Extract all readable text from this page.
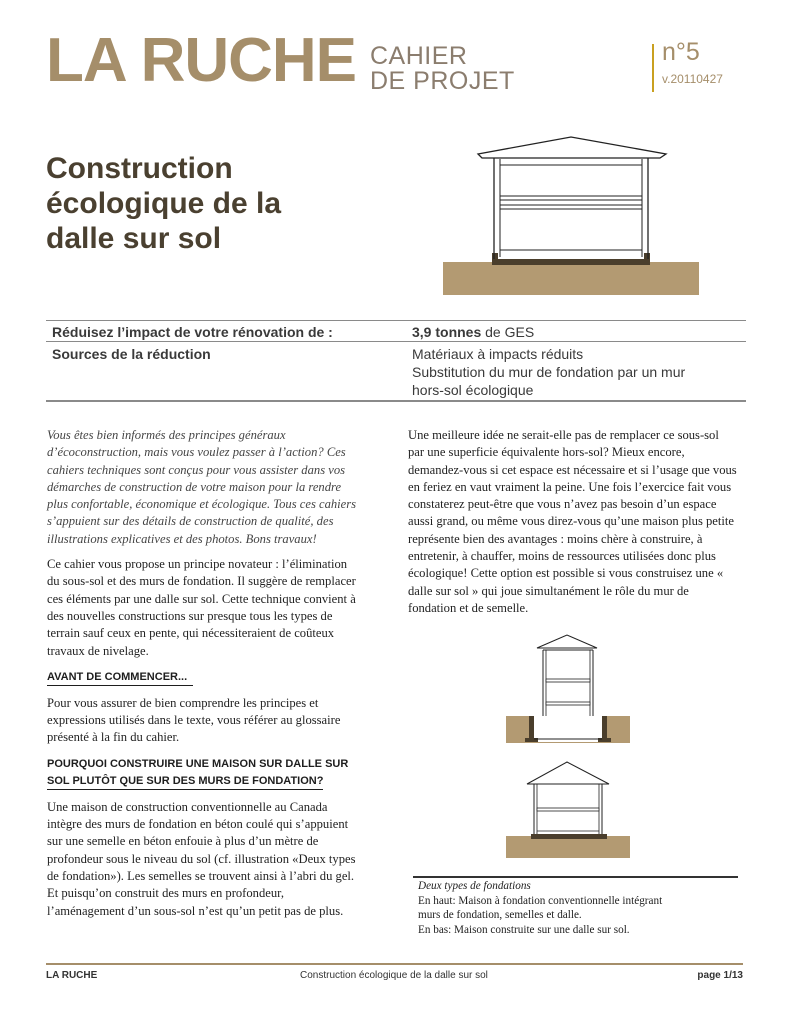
LA RUCHE CAHIER
DE PROJET
n°5
v.20110427
Construction
écologique de la
dalle sur sol
Réduisez l’impact de votre rénovation de :	3,9 tonnes de GES
Sources de la réduction	Matériaux à impacts réduits
Substitution du mur de fondation par un mur
hors-sol écologique

Vous êtes bien informés des principes généraux d’écoconstruction, mais vous voulez passer à l’action? Ces cahiers techniques sont conçus pour vous assister dans vos démarches de construction de votre maison pour la rendre plus confortable, économique et écologique. Tous ces cahiers s’appuient sur des détails de construction de qualité, des illustrations explicatives et des photos. Bons travaux!

Ce cahier vous propose un principe novateur : l’élimination du sous-sol et des murs de fondation. Il suggère de remplacer ces éléments par une dalle sur sol. Cette technique convient à des nouvelles constructions sur presque tous les types de terrain sauf ceux en pente, qui nécessiteraient de coûteux travaux de nivelage.

AVANT DE COMMENCER...

Pour vous assurer de bien comprendre les principes et expressions utilisés dans le texte, vous référer au glossaire présenté à la fin du cahier.

POURQUOI CONSTRUIRE UNE MAISON SUR DALLE SUR
SOL PLUTÔT QUE SUR DES MURS DE FONDATION?

Une maison de construction conventionnelle au Canada intègre des murs de fondation en béton coulé qui s’appuient sur une semelle en béton enfouie à plus d’un mètre de profondeur sous le niveau du sol (cf. illustration «Deux types de fondation»). Les semelles se trouvent ainsi à l’abri du gel. Et puisqu’on construit des murs en profondeur, l’aménagement d’un sous-sol n’est qu’un petit pas de plus.

Une meilleure idée ne serait-elle pas de remplacer ce sous-sol par une superficie équivalente hors-sol? Mieux encore, demandez-vous si cet espace est nécessaire et si l’usage que vous en feriez en vaut vraiment la peine. Une fois l’exercice fait vous constaterez peut-être que vous n’avez pas besoin d’un espace aussi grand, ou même vous direz-vous qu’une maison plus petite représente bien des avantages : moins chère à construire, à entretenir, à chauffer, moins de ressources utilisées donc plus écologique! Cette option est possible si vous construisez une « dalle sur sol » qui joue simultanément le rôle du mur de fondation et de semelle.

Deux types de fondations
En haut: Maison à fondation conventionnelle intégrant
murs de fondation, semelles et dalle.
En bas: Maison construite sur une dalle sur sol.
LA RUCHE	Construction écologique de la dalle sur sol	page 1/13
